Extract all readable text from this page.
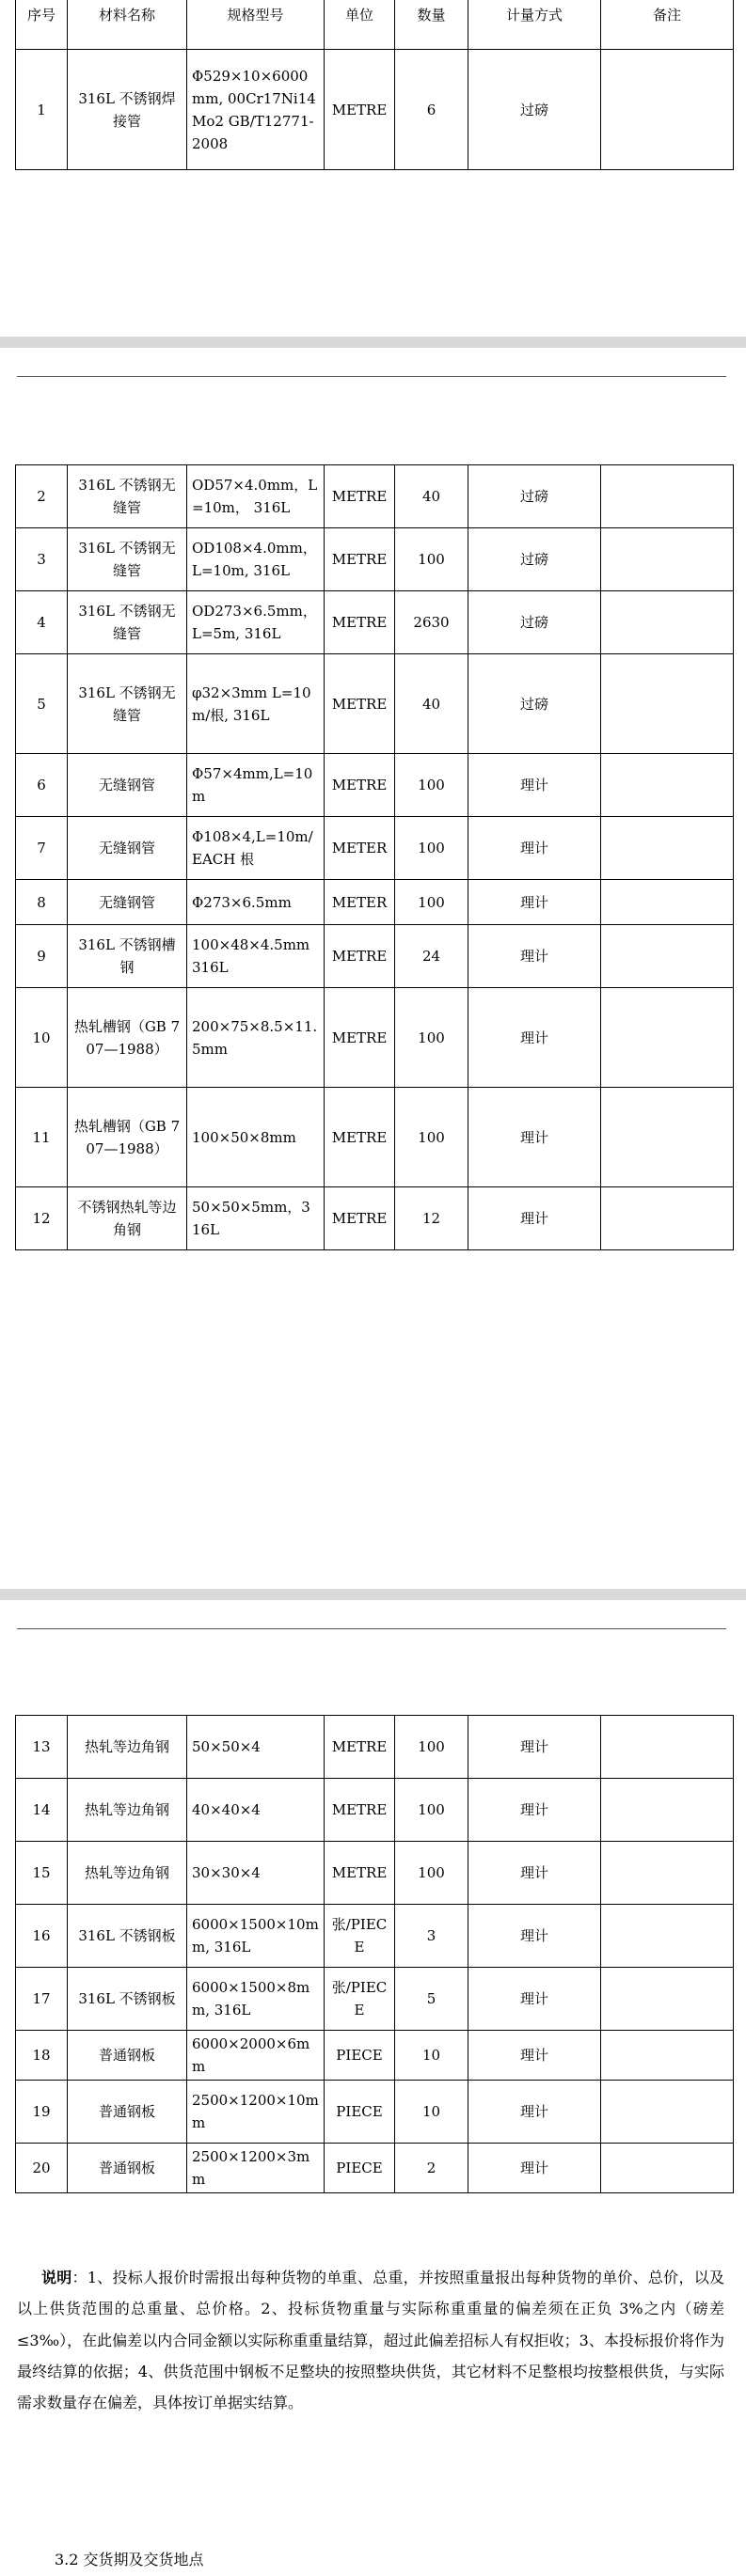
序号	材料名称	规格型号	单位	数量	计量方式	备注
1	316L 不锈钢焊接管	Φ529×10×6000mm, 00Cr17Ni14Mo2 GB/T12771-2008	METRE	6	过磅	
2	316L 不锈钢无缝管	OD57×4.0mm，L=10m， 316L	METRE	40	过磅	
3	316L 不锈钢无缝管	OD108×4.0mm，L=10m, 316L	METRE	100	过磅	
4	316L 不锈钢无缝管	OD273×6.5mm，L=5m, 316L	METRE	2630	过磅	
5	316L 不锈钢无缝管	φ32×3mm L=10m/根, 316L	METRE	40	过磅	
6	无缝钢管	Φ57×4mm,L=10m	METRE	100	理计	
7	无缝钢管	Φ108×4,L=10m/EACH 根	METER	100	理计	
8	无缝钢管	Φ273×6.5mm	METER	100	理计	
9	316L 不锈钢槽钢	100×48×4.5mm 316L	METRE	24	理计	
10	热轧槽钢（GB 707—1988）	200×75×8.5×11.5mm	METRE	100	理计	
11	热轧槽钢（GB 707—1988）	100×50×8mm	METRE	100	理计	
12	不锈钢热轧等边角钢	50×50×5mm，316L	METRE	12	理计	
13	热轧等边角钢	50×50×4	METRE	100	理计	
14	热轧等边角钢	40×40×4	METRE	100	理计	
15	热轧等边角钢	30×30×4	METRE	100	理计	
16	316L 不锈钢板	6000×1500×10mm, 316L	张/PIECE	3	理计	
17	316L 不锈钢板	6000×1500×8mm, 316L	张/PIECE	5	理计	
18	普通钢板	6000×2000×6mm	PIECE	10	理计	
19	普通钢板	2500×1200×10mm	PIECE	10	理计	
20	普通钢板	2500×1200×3mm	PIECE	2	理计	
说明：1、投标人报价时需报出每种货物的单重、总重，并按照重量报出每种货物的单价、总价，以及以上供货范围的总重量、总价格。2、投标货物重量与实际称重重量的偏差须在正负 3%之内（磅差≤3‰），在此偏差以内合同金额以实际称重重量结算，超过此偏差招标人有权拒收；3、本投标报价将作为最终结算的依据；4、供货范围中钢板不足整块的按照整块供货，其它材料不足整根均按整根供货，与实际需求数量存在偏差，具体按订单据实结算。
3.2 交货期及交货地点
